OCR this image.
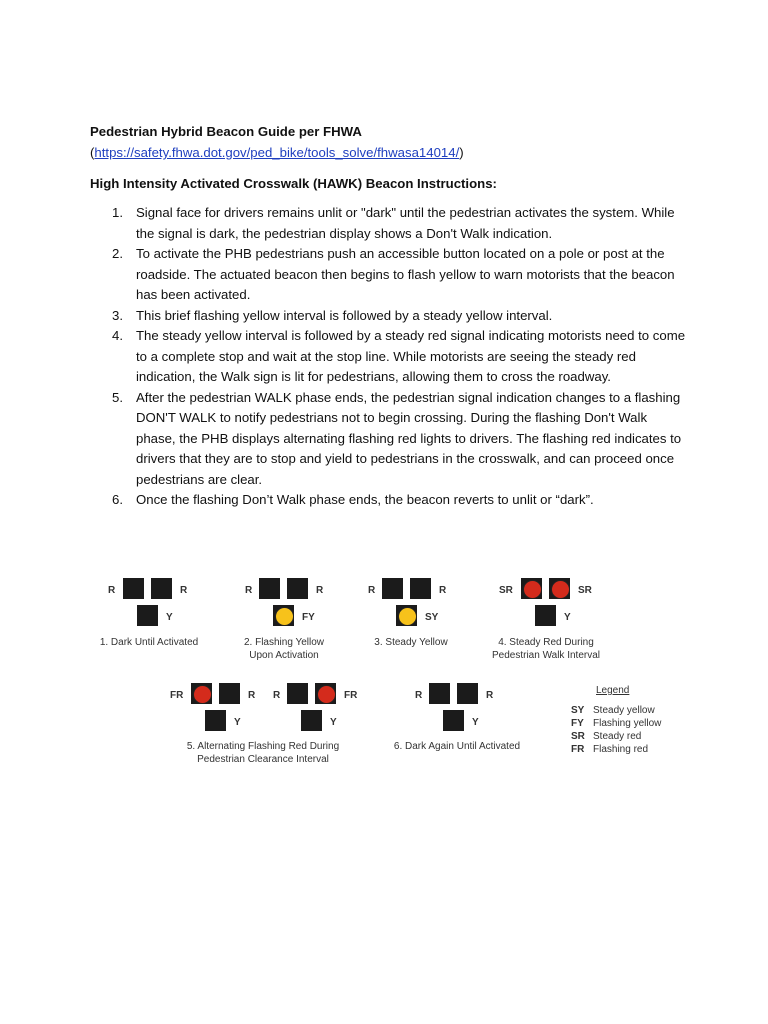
Pedestrian Hybrid Beacon Guide per FHWA
(https://safety.fhwa.dot.gov/ped_bike/tools_solve/fhwasa14014/)
High Intensity Activated Crosswalk (HAWK) Beacon Instructions:
1. Signal face for drivers remains unlit or "dark" until the pedestrian activates the system. While the signal is dark, the pedestrian display shows a Don't Walk indication.
2. To activate the PHB pedestrians push an accessible button located on a pole or post at the roadside. The actuated beacon then begins to flash yellow to warn motorists that the beacon has been activated.
3. This brief flashing yellow interval is followed by a steady yellow interval.
4. The steady yellow interval is followed by a steady red signal indicating motorists need to come to a complete stop and wait at the stop line. While motorists are seeing the steady red indication, the Walk sign is lit for pedestrians, allowing them to cross the roadway.
5. After the pedestrian WALK phase ends, the pedestrian signal indication changes to a flashing DON'T WALK to notify pedestrians not to begin crossing. During the flashing Don't Walk phase, the PHB displays alternating flashing red lights to drivers. The flashing red indicates to drivers that they are to stop and yield to pedestrians in the crosswalk, and can proceed once pedestrians are clear.
6. Once the flashing Don’t Walk phase ends, the beacon reverts to unlit or “dark”.
R	R
Y
1. Dark Until Activated
R	R
FY
2. Flashing Yellow
Upon Activation
R	R
SY
3. Steady Yellow
SR	SR
Y
4. Steady Red During
Pedestrian Walk Interval
FR	R
Y
R	FR
Y
5. Alternating Flashing Red During
Pedestrian Clearance Interval
R	R
Y
6. Dark Again Until Activated
Legend
SY Steady yellow
FY Flashing yellow
SR Steady red
FR Flashing red
